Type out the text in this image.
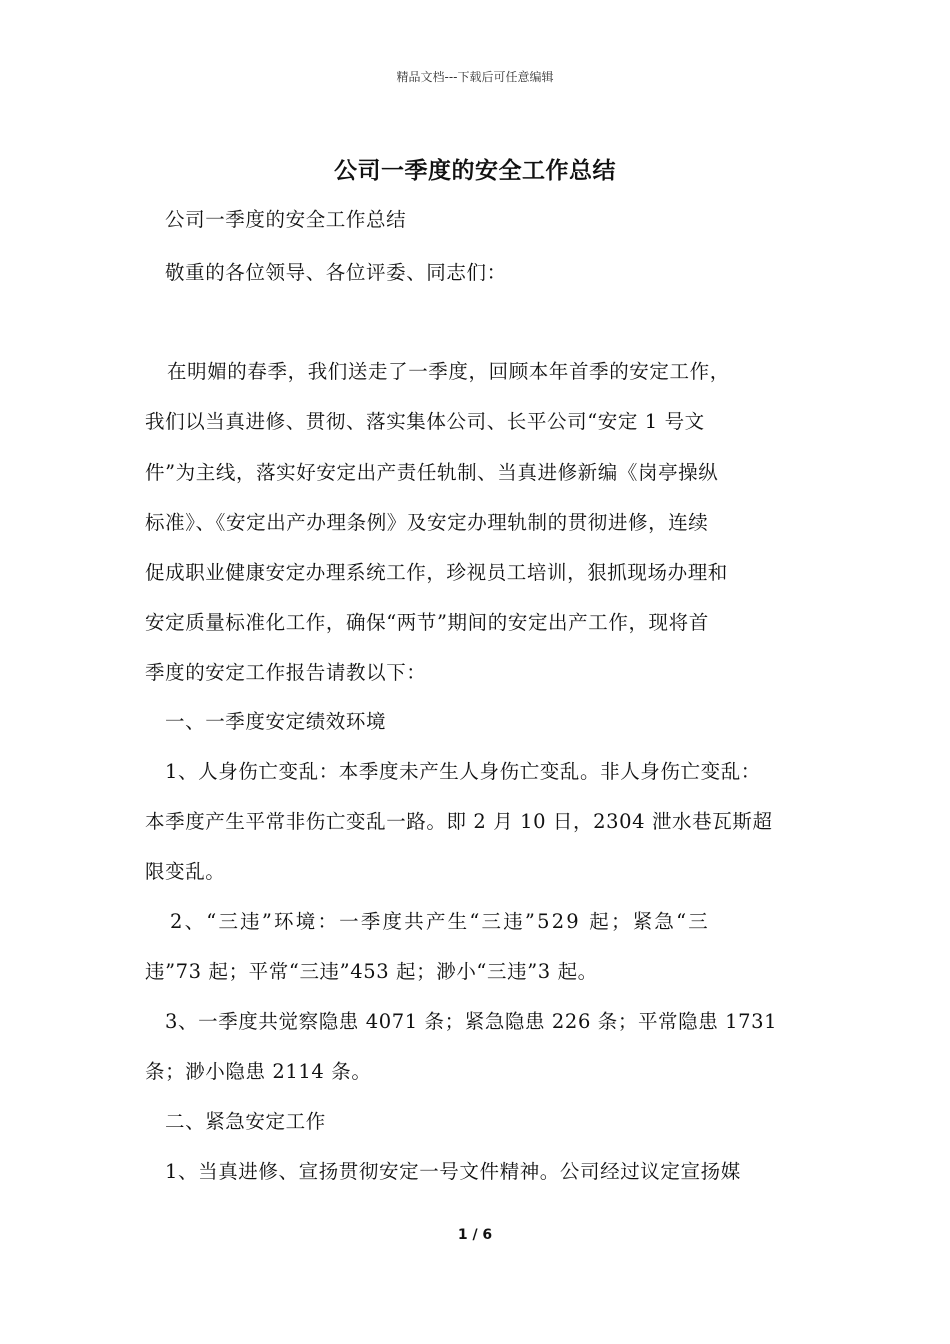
精品文档---下载后可任意编辑
公司一季度的安全工作总结
公司一季度的安全工作总结
敬重的各位领导、各位评委、同志们：
在明媚的春季，我们送走了一季度，回顾本年首季的安定工作，
我们以当真进修、贯彻、落实集体公司、长平公司“安定 1 号文
件”为主线，落实好安定出产责任轨制、当真进修新编《岗亭操纵
标准》、《安定出产办理条例》及安定办理轨制的贯彻进修，连续
促成职业健康安定办理系统工作，珍视员工培训，狠抓现场办理和
安定质量标准化工作，确保“两节”期间的安定出产工作，现将首
季度的安定工作报告请教以下：
一、一季度安定绩效环境
1、人身伤亡变乱：本季度未产生人身伤亡变乱。非人身伤亡变乱：
本季度产生平常非伤亡变乱一路。即 2 月 10 日，2304 泄水巷瓦斯超
限变乱。
2、“三违”环境：一季度共产生“三违”529 起；紧急“三
违”73 起；平常“三违”453 起；渺小“三违”3 起。
3、一季度共觉察隐患 4071 条；紧急隐患 226 条；平常隐患 1731
条；渺小隐患 2114 条。
二、紧急安定工作
1、当真进修、宣扬贯彻安定一号文件精神。公司经过议定宣扬媒
1 / 6
